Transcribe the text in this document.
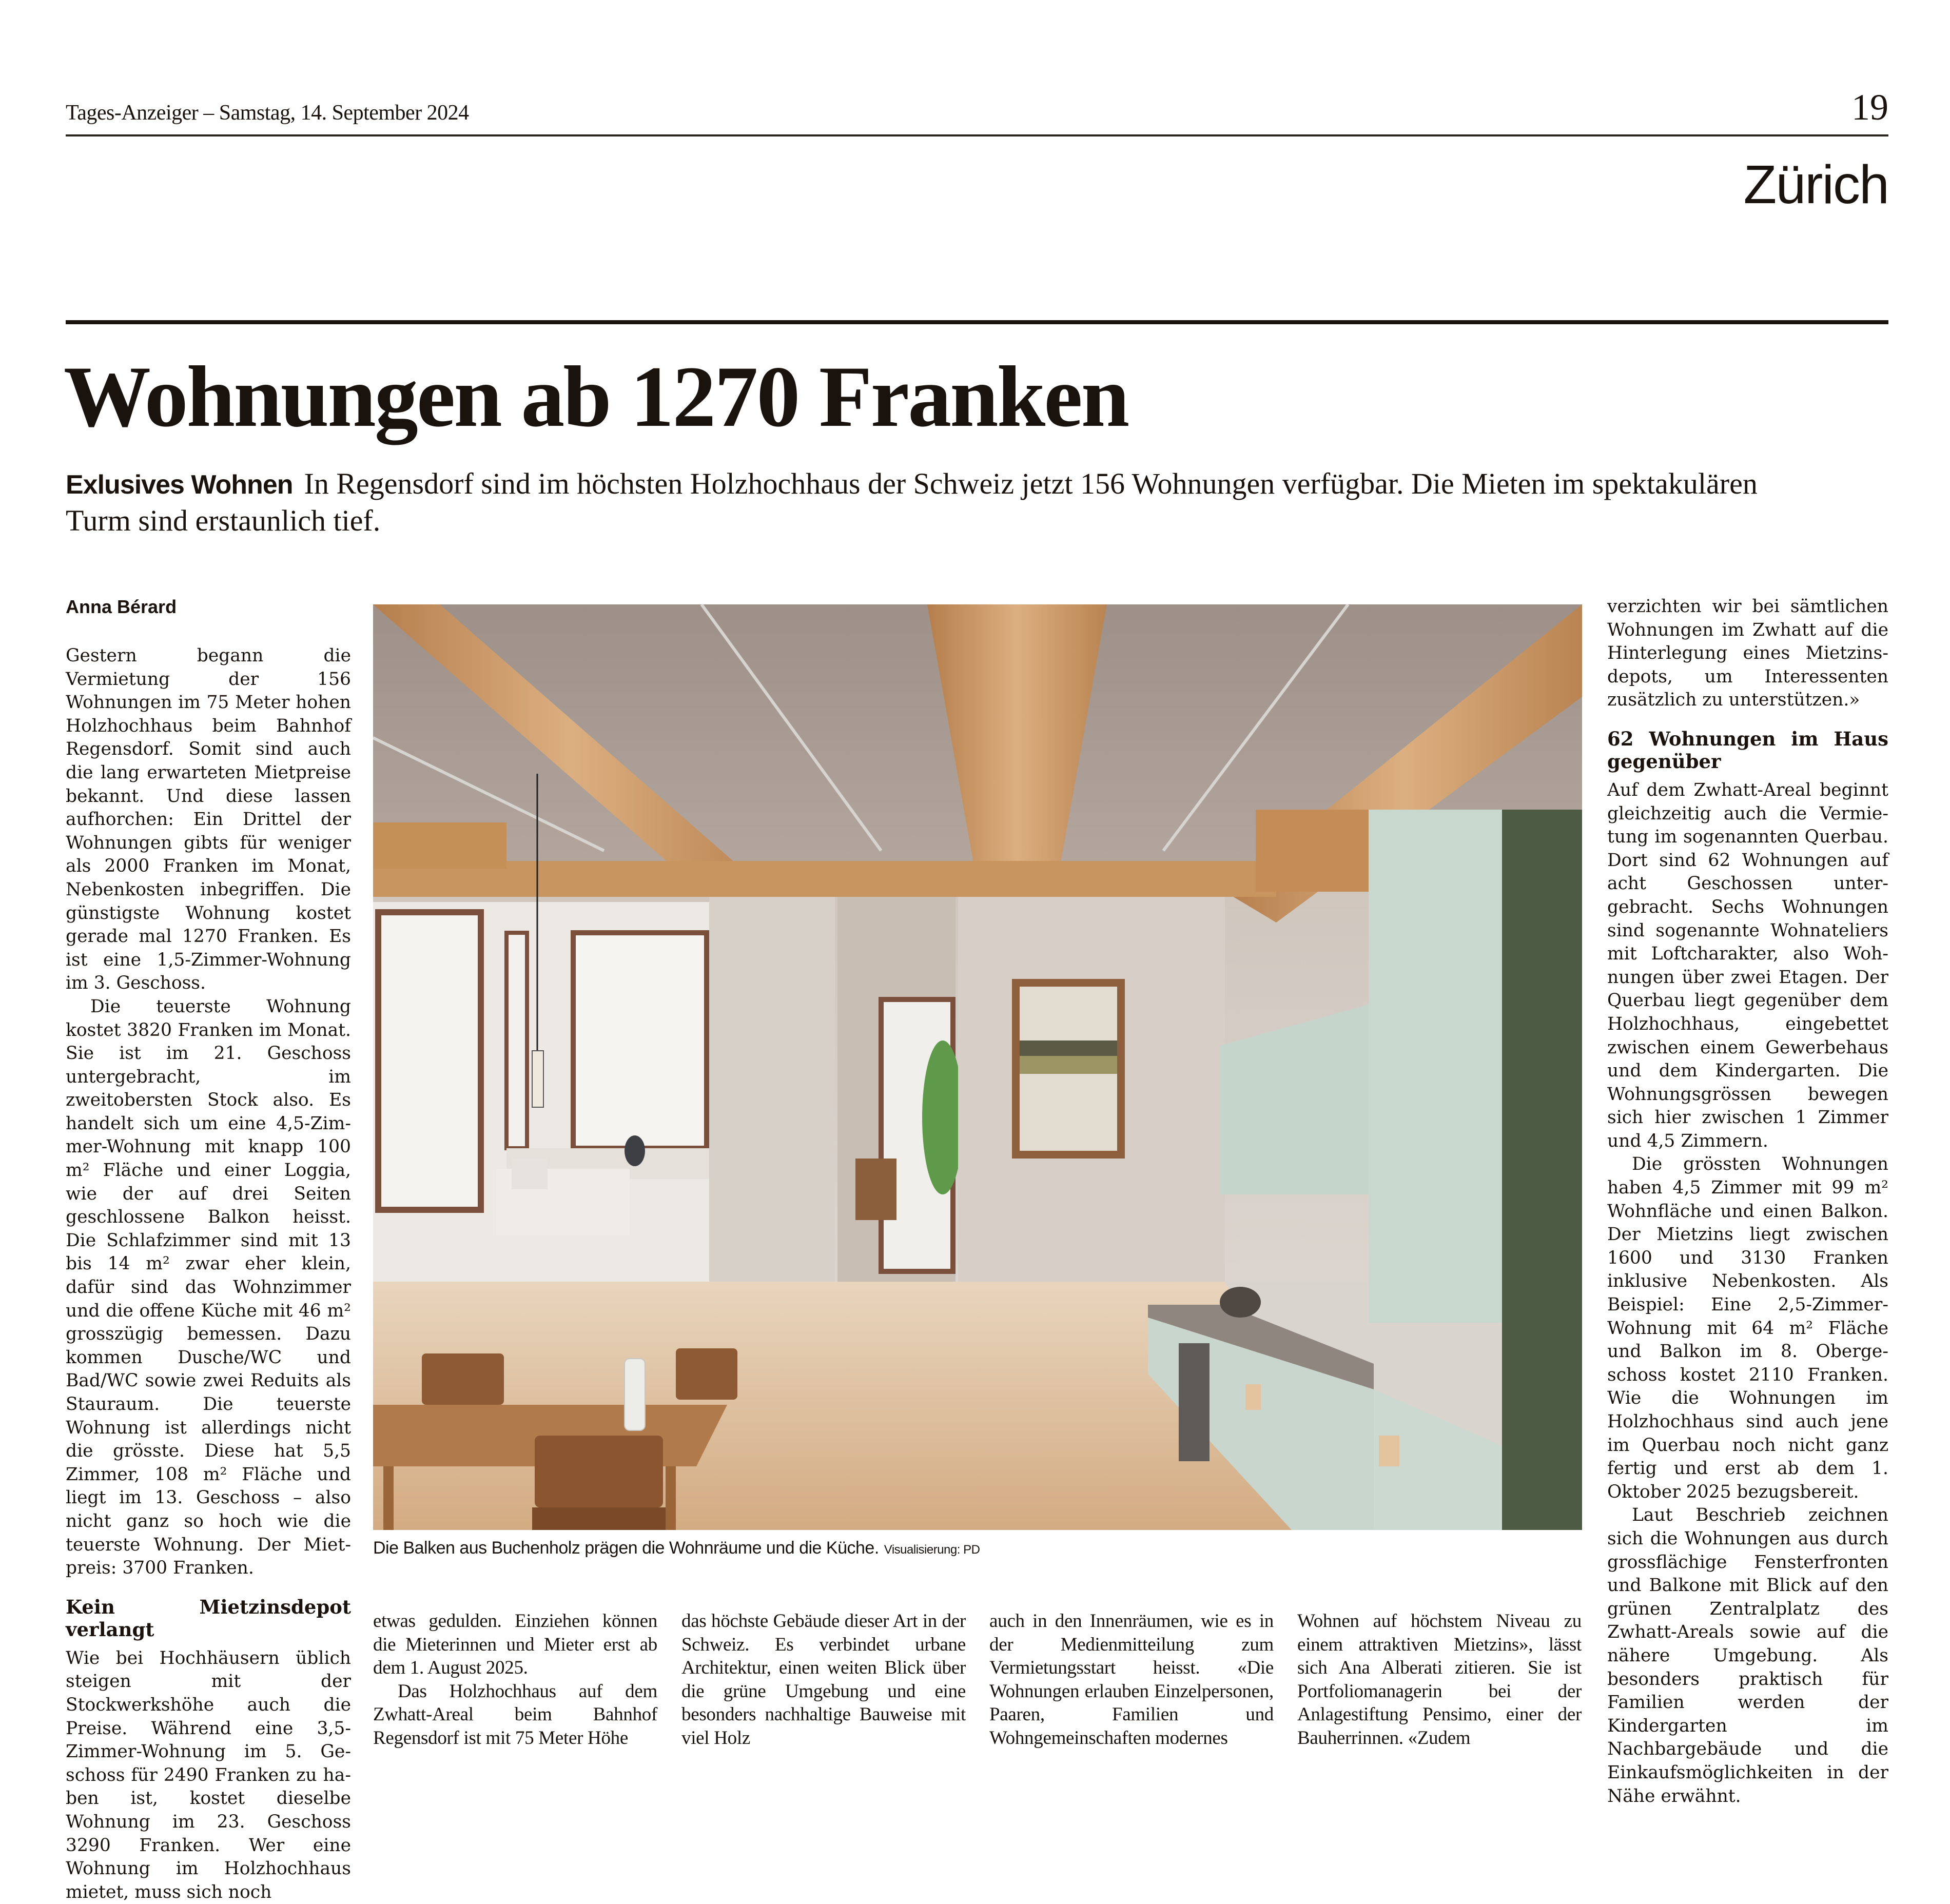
Tages-Anzeiger – Samstag, 14. September 2024	19
Zürich
Wohnungen ab 1270 Franken
Exlusives Wohnen In Regensdorf sind im höchsten Holzhochhaus der Schweiz jetzt 156 Wohnungen verfügbar. Die Mieten im spektakulären Turm sind erstaunlich tief.
Anna Bérard

Gestern begann die Vermietung der 156 Wohnungen im 75 Meter hohen Holzhochhaus beim Bahnhof Regensdorf. Somit sind auch die lang erwarteten Mietpreise bekannt. Und diese lassen aufhorchen: Ein Drittel der Wohnungen gibts für weniger als 2000 Franken im Monat, Nebenkosten inbegriffen. Die günstigste Wohnung kostet gerade mal 1270 Franken. Es ist eine 1,5-Zimmer-Wohnung im 3. Geschoss.

Die teuerste Wohnung kostet 3820 Franken im Monat. Sie ist im 21. Geschoss untergebracht, im zweitobersten Stock also. Es handelt sich um eine 4,5-Zimmer-Wohnung mit knapp 100 m² Fläche und einer Loggia, wie der auf drei Seiten geschlossene Balkon heisst. Die Schlafzimmer sind mit 13 bis 14 m² zwar eher klein, dafür sind das Wohnzimmer und die offene Küche mit 46 m² grosszügig bemessen. Dazu kommen Dusche/WC und Bad/WC sowie zwei Reduits als Stauraum. Die teuerste Wohnung ist allerdings nicht die grösste. Diese hat 5,5 Zimmer, 108 m² Fläche und liegt im 13. Geschoss – also nicht ganz so hoch wie die teuerste Wohnung. Der Mietpreis: 3700 Franken.

Kein Mietzinsdepot verlangt

Wie bei Hochhäusern üblich steigen mit der Stockwerkshöhe auch die Preise. Während eine 3,5-Zimmer-Wohnung im 5. Geschoss für 2490 Franken zu haben ist, kostet dieselbe Wohnung im 23. Geschoss 3290 Franken. Wer eine Wohnung im Holzhochhaus mietet, muss sich noch

Die Balken aus Buchenholz prägen die Wohnräume und die Küche. Visualisierung: PD

etwas gedulden. Einziehen können die Mieterinnen und Mieter erst ab dem 1. August 2025.

Das Holzhochhaus auf dem Zwhatt-Areal beim Bahnhof Regensdorf ist mit 75 Meter Höhe

das höchste Gebäude dieser Art in der Schweiz. Es verbindet urbane Architektur, einen weiten Blick über die grüne Umgebung und eine besonders nachhaltige Bauweise mit viel Holz

auch in den Innenräumen, wie es in der Medienmitteilung zum Vermietungsstart heisst. «Die Wohnungen erlauben Einzelpersonen, Paaren, Familien und Wohngemeinschaften modernes

Wohnen auf höchstem Niveau zu einem attraktiven Mietzins», lässt sich Ana Alberati zitieren. Sie ist Portfoliomanagerin bei der Anlagestiftung Pensimo, einer der Bauherrinnen. «Zudem

verzichten wir bei sämtlichen Wohnungen im Zwhatt auf die Hinterlegung eines Mietzinsdepots, um Interessenten zusätzlich zu unterstützen.»

62 Wohnungen im Haus gegenüber

Auf dem Zwhatt-Areal beginnt gleichzeitig auch die Vermietung im sogenannten Querbau. Dort sind 62 Wohnungen auf acht Geschossen untergebracht. Sechs Wohnungen sind sogenannte Wohnateliers mit Loftcharakter, also Wohnungen über zwei Etagen. Der Querbau liegt gegenüber dem Holzhochhaus, eingebettet zwischen einem Gewerbehaus und dem Kindergarten. Die Wohnungsgrössen bewegen sich hier zwischen 1 Zimmer und 4,5 Zimmern.

Die grössten Wohnungen haben 4,5 Zimmer mit 99 m² Wohnfläche und einen Balkon. Der Mietzins liegt zwischen 1600 und 3130 Franken inklusive Nebenkosten. Als Beispiel: Eine 2,5-Zimmer-Wohnung mit 64 m² Fläche und Balkon im 8. Obergeschoss kostet 2110 Franken. Wie die Wohnungen im Holzhochhaus sind auch jene im Querbau noch nicht ganz fertig und erst ab dem 1. Oktober 2025 bezugsbereit.

Laut Beschrieb zeichnen sich die Wohnungen aus durch grossflächige Fensterfronten und Balkone mit Blick auf den grünen Zentralplatz des Zwhatt-Areals sowie auf die nähere Umgebung. Als besonders praktisch für Familien werden der Kindergarten im Nachbargebäude und die Einkaufsmöglichkeiten in der Nähe erwähnt.
